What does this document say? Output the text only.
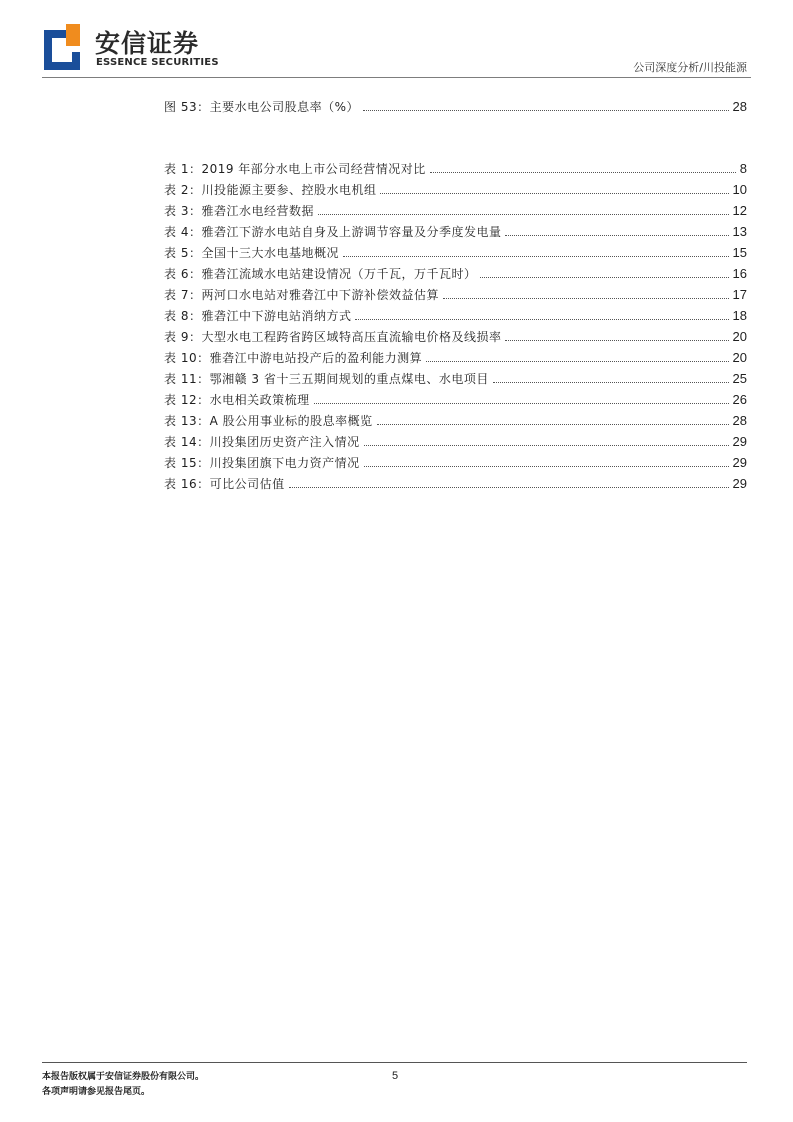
安信证券
ESSENCE SECURITIES	公司深度分析/川投能源
图 53：主要水电公司股息率（%）	28
表 1：2019 年部分水电上市公司经营情况对比	8
表 2：川投能源主要参、控股水电机组	10
表 3：雅砻江水电经营数据	12
表 4：雅砻江下游水电站自身及上游调节容量及分季度发电量	13
表 5：全国十三大水电基地概况	15
表 6：雅砻江流域水电站建设情况（万千瓦，万千瓦时）	16
表 7：两河口水电站对雅砻江中下游补偿效益估算	17
表 8：雅砻江中下游电站消纳方式	18
表 9：大型水电工程跨省跨区域特高压直流输电价格及线损率	20
表 10：雅砻江中游电站投产后的盈利能力测算	20
表 11：鄂湘赣 3 省十三五期间规划的重点煤电、水电项目	25
表 12：水电相关政策梳理	26
表 13：A 股公用事业标的股息率概览	28
表 14：川投集团历史资产注入情况	29
表 15：川投集团旗下电力资产情况	29
表 16：可比公司估值	29
本报告版权属于安信证券股份有限公司。
各项声明请参见报告尾页。
5
